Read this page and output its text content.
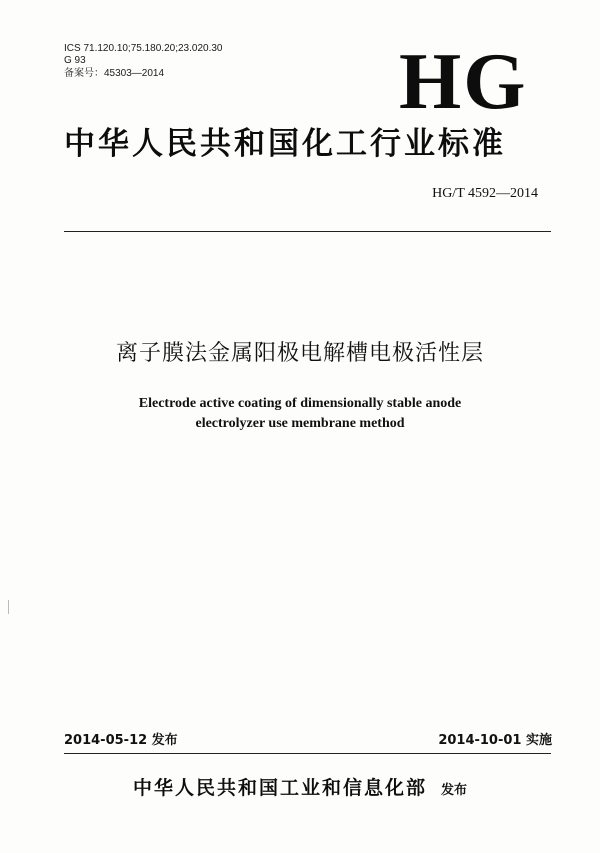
ICS 71.120.10;75.180.20;23.020.30
G 93
备案号：45303—2014	HG
中华人民共和国化工行业标准
HG/T 4592—2014
离子膜法金属阳极电解槽电极活性层
Electrode active coating of dimensionally stable anode
electrolyzer use membrane method
2014-05-12 发布	2014-10-01 实施
中华人民共和国工业和信息化部 发布
